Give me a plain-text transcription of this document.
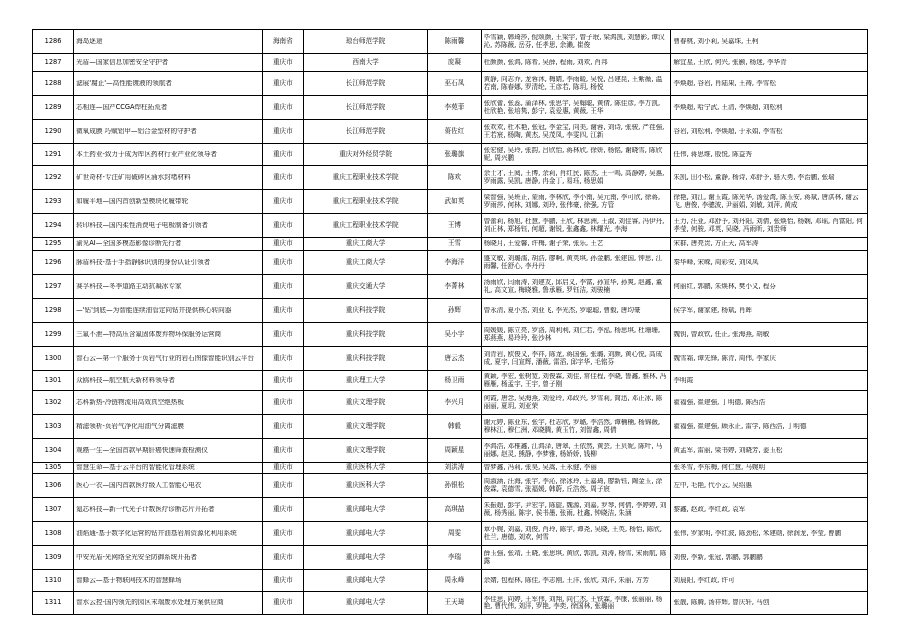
1286	海岛逐途	海南省	琼台师范学院	陈雨馨	毕雪颖, 韩琦莎, 倪颂颜, 王梁宇, 曾子珉, 梁鸿凯, 刘慧影, 谭汉沁, 苏陈薇, 岳芬, 任孝思, 余濑, 崔俊	曹春桃, 刘小莉, 吴嘉珠, 王柯

1287	光盾—国家信息加密安全守护者	重庆市	西南大学	庞凝	杜颜颜, 张鸿, 陈希, 吴薛, 程雨, 刘欢, 肖邦	解宜星, 王欣, 何兴, 张颢, 杨迷, 李华青

1288	滤展'腐止'—高性能镀液的领航者	重庆市	长江师范学院	巫石凤	黄静, 向志乔, 龙蓉沐, 梅婧, 李雨暖, 吴悦, 吕建昆, 王紫薇, 温若南, 陈春娜, 罗清纶, 王彦若, 陈玥, 杨悦	李焕超, 谷岩, 肖陆果, 王祷, 李雪松

1289	芯相连—国产CCGA焊柱拓荒者	重庆市	长江师范学院	李苑菲	张欣蕾, 张蕊, 蒲泽林, 张思宇, 吴翰聪, 黄倩, 陈佳彦, 李万凯, 杜欣艳, 张培隽, 彭宁, 袁爱惠, 黄薇, 王华	李焕超, 哈宁武, 王清, 李焕超, 刘松利

1290	微氧成膜 巧赋铝甲—铝合金型材的守护者	重庆市	长江师范学院	蒉佐红	张欢欢, 杜木艳, 张冠, 李金宝, 向美, 谢蓉, 刘诗, 张骏, 严荏强, 王若宸, 杨陶, 黄杰, 吴茂凤, 李雯四, 江新	谷岩, 刘松利, 李焕超, 于永娟, 李雪松

1291	本土药业-致力于成为库区药材行业产业化领导者	重庆市	重庆对外经贸学院	张璐旗	张宏健, 吴玲, 张韵, 吕欣怡, 蒋林欣, 徐妍, 杨铭, 谢晓雪, 陈欣妮, 周兴鹏	任伟, 蒋思维, 殷悦, 陈益秀

1292	矿世奇材-专注矿用破碎区涌水封堵材料	重庆市	重庆工程职业技术学院	陈欢	余士才, 王阅, 王博, 余莉, 肖红民, 陈杰, 王一鸣, 高静婷, 吴惠, 罗雨露, 吴凯, 唐静, 冉金丁, 易珏, 杨思娟	朱凯, 田小松, 董静, 杨诗, 邓舒予, 骆大勇, 李治鹏, 张瑞

1293	如履平地—国内首创新型模块化履带轮	重庆市	重庆工程职业技术学院	武如英	梁智强, 吴班正, 蒙雨, 李林欣, 李小南, 吴元南, 李可欣, 徐蒋, 罗雨莎, 何林, 刘娜, 刘玲, 张伟豪, 徐强, 方管	徐艳, 刘江, 谢玉霞, 陈光华, 汤爱湾, 陈玉安, 蒋斌, 唐洪林, 谢云飞, 唐俊, 李骢波, 尹丽娟, 刘敏, 刘萍, 黄成

1294	转印科技—国内柔性消费电子电极制备引领者	重庆市	重庆工程职业技术学院	王博	曾蕾莉, 杨旭, 杜慧, 李鹏, 王欣, 林思洲, 王淑, 刘佳睿, 冯伊丹, 刘正林, 郑杨钰, 何超, 谢锐, 张鑫鑫, 林耀光, 李海	王力, 汪亚, 邓舒予, 刘丹阳, 刘倩, 张焕怡, 杨娴, 邓瑶, 肖富阳, 何孝莹, 何骏, 邓英, 吴晓, 冯雨昕, 刘贵师

1295	渝见AI—全国多模态影像诊断先行者	重庆市	重庆工商大学	王雪	杨晓月, 王爱馨, 许梅, 谢子荣, 张乐, 王艺	宋群, 唐亮贵, 方正天, 高军涛

1296	脉盾科技-基于手指静脉识别的身份认证引领者	重庆市	重庆工商大学	李海洋	盛文敏, 刘璐濡, 胡浩, 廖啊, 黄英琪, 孙金鹏, 张建国, 钟思, 江雨馨, 任舒心, 李丹丹	秦华峰, 宋嵘, 周彩安, 刘凤凤

1297	赛孚科技—冬季道路主动抗凝冰专家	重庆市	重庆交通大学	李菁林	汤雨欣, 闫雨涛, 刘建友, 邱启义, 李富, 孙宣华, 孙爽, 赵鑫, 董礼, 高文宣, 梅晓雅, 鲁承雁, 罗钰洁, 刘骏楠	何丽红, 郭鹏, 朱焕林, 樊小义, 程芬

1298	—'钻'到底—为智能连续油管定向钻井提供核心转向器	重庆市	重庆科技学院	孙辉	曾永清, 夏小杰, 刘亚飞, 李光杰, 罗聪聪, 曹毅, 唐均豪	侯学军, 谢家建, 杨斌, 肖晖

1299	三氟不泄—特高压含氟固体废弃物环保服务运营商	重庆市	重庆科技学院	吴小宇	周媛媛, 陈立亮, 罗洛, 周利利, 刘仁若, 李泓, 杨思琪, 杜珊珊, 郑燕燕, 易玲玲, 张沙林	魏钥, 曾政钦, 任正, 张海燕, 胡敏

1300	智石云—第一个服务于页岩气行业的岩石图像智能识别云平台	重庆市	重庆科技学院	唐云杰	刘青岩, 欧俊义, 李祥, 陈龙, 蒋国强, 张璐, 刘颜, 黄心悦, 高成成, 夏宇, 闫宣辉, 潘薇, 雷滔, 邱宇华, 毛铭芬	魏雪霜, 谭先锋, 陈青, 周伟, 李家庆

1301	众鸥科技—航空航天新材料领导者	重庆市	重庆理工大学	杨卫雨	黄颖, 李宏, 张树宽, 刘俊霖, 刘佳, 常佳程, 李晓, 鲁鑫, 雅林, 冯雁雁, 杨孟宇, 王宇, 曾子刚	李明霞

1302	芯科新热-冷链物流用高效真空绝热板	重庆市	重庆文理学院	李兴月	何霞, 唐念, 吴海燕, 刘爱玲, 邓政兴, 罗雪莉, 简迅, 邓正冰, 陈丽丽, 夏玥, 刘亚荣	翟福强, 崔建强, 丁明德, 陈西浩

1303	精滤领析-页岩气净化用油气分离滤膜	重庆市	重庆文理学院	韩毅	谢元婷, 陈亚东, 张宇, 杜志欣, 罗璐, 李浩然, 谭楠楠, 杨锦薇, 穆林江, 穆仁洲, 邓晓腾, 黄玉竹, 刘智鑫, 周倩	翟福强, 崔建强, 顾永正, 雷学, 陈西浩, 丁明德

1304	观癌一生—全国首款早期肝癌快速筛查检测仪	重庆市	重庆文理学院	周颖星	李鸿浩, 邓椎鑫, 江鸿泽, 唐翠, 王依然, 黄芸, 王贝妮, 陈叶, 马丽娜, 赵灵, 熊静, 李梦雅, 杨娇娇, 钱柳	黄孟军, 雷丽, 梁书婷, 刘晓芳, 姜玉松

1305	智慧生命—基于云平台的智能化管理系统	重庆市	重庆医科大学	刘洪涛	曾梦鑫, 冯莉, 张昊, 吴嵩, 王永健, 李丽	张冬雪, 李东梅, 何仁慧, 马婉明

1306	医心一衣—国内首款医疗级人工智能心电衣	重庆市	重庆医科大学	孙银松	周淑涵, 汪海, 张宇, 李沁, 徐冰玲, 王嘉琦, 廖新钰, 陶金玉, 涂俊霖, 袁德雪, 张福媛, 韩蔚, 丘浩然, 周子宸	左中, 毛艳, 代小云, 吴绍惠

1307	氪芯科技—新一代光子计数医疗诊断芯片开拓者	重庆市	重庆邮电大学	高琪喆	朱振超, 彭宇, 尹宏宇, 陈旋, 魏源, 刘嘉, 罗琴, 何倩, 李婷婷, 刘薇, 杨秀丽, 陈宇, 侯书墨, 张雨, 杜鑫, 钟晓洁, 朱涵	黎鑫, 赵政, 李红政, 袁军

1308	油焰通-基于数字化运营的钻井油基岩屑资源化利用系统	重庆市	重庆邮电大学	周雯	章小婉, 刘嘉, 刘俊, 肖玲, 陈宇, 谭尧, 吴晓, 王英, 杨怡, 陈欣, 杜兰, 唐德, 刘欢, 何雪	张伟, 罗家明, 李红波, 陈劲松, 米建勋, 徐润龙, 李莹, 曹鹏

1309	中安光盾-光网络全光安全防御系统开拓者	重庆市	重庆邮电大学	李瑞	薛玉强, 张靖, 王晓, 张思琪, 黄欣, 郭凯, 刘涛, 杨雪, 宋雨航, 陈露	刘俊, 李新, 张冠, 郭鹏, 郭鹏鹏

1310	智蜂云—基于物联网技术的智慧蜂场	重庆市	重庆邮电大学	周永峰	余婧, 包程林, 陈佳, 李志刚, 王洋, 张欣, 刘洋, 朱丽, 方芳	刘晨阳, 李红政, 许可

1311	智水云控-国内领先的园区末端废水处理方案供应商	重庆市	重庆邮电大学	王天琦	李佳思, 向婷, 王军伟, 刘翔, 向仁杰, 王铁霖, 李康, 张丽丽, 杨艳, 曹代伟, 刘洋, 罗艳, 李奕, 徐国林, 张璐丽	张靓, 陈腾, 汤祥辉, 曾庆轩, 马创
